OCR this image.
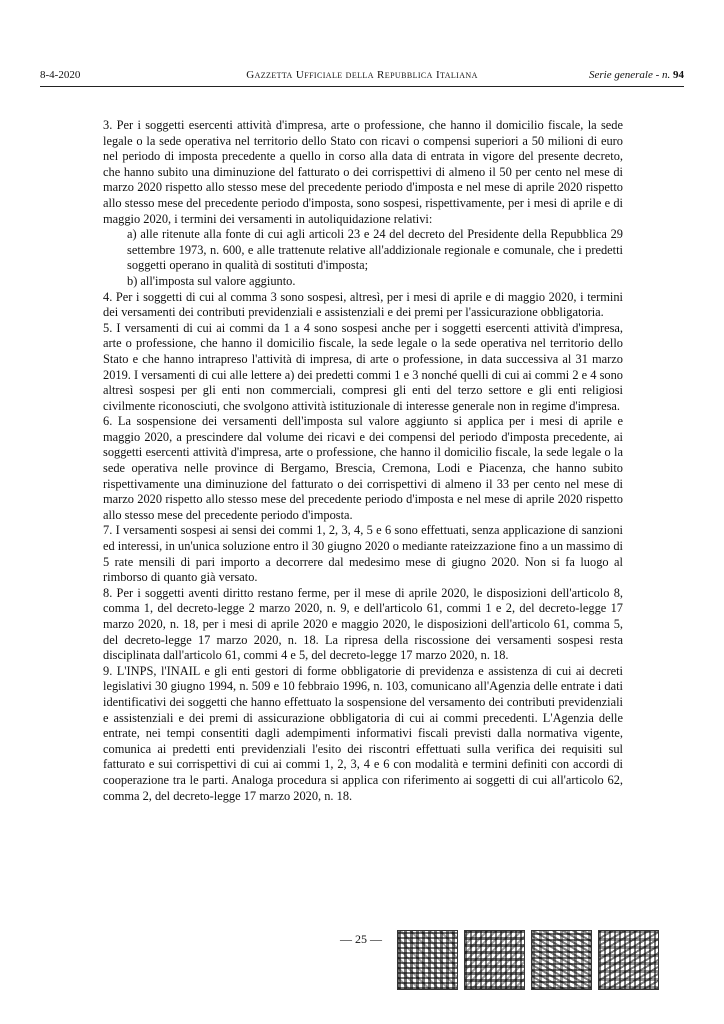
8-4-2020	Gazzetta Ufficiale della Repubblica Italiana	Serie generale - n. 94

3. Per i soggetti esercenti attività d'impresa, arte o professione, che hanno il domicilio fiscale, la sede legale o la sede operativa nel territorio dello Stato con ricavi o compensi superiori a 50 milioni di euro nel periodo di imposta precedente a quello in corso alla data di entrata in vigore del presente decreto, che hanno subito una diminuzione del fatturato o dei corrispettivi di almeno il 50 per cento nel mese di marzo 2020 rispetto allo stesso mese del precedente periodo d'imposta e nel mese di aprile 2020 rispetto allo stesso mese del precedente periodo d'imposta, sono sospesi, rispettivamente, per i mesi di aprile e di maggio 2020, i termini dei versamenti in autoliquidazione relativi:

a) alle ritenute alla fonte di cui agli articoli 23 e 24 del decreto del Presidente della Repubblica 29 settembre 1973, n. 600, e alle trattenute relative all'addizionale regionale e comunale, che i predetti soggetti operano in qualità di sostituti d'imposta;

b) all'imposta sul valore aggiunto.

4. Per i soggetti di cui al comma 3 sono sospesi, altresì, per i mesi di aprile e di maggio 2020, i termini dei versamenti dei contributi previdenziali e assistenziali e dei premi per l'assicurazione obbligatoria.

5. I versamenti di cui ai commi da 1 a 4 sono sospesi anche per i soggetti esercenti attività d'impresa, arte o professione, che hanno il domicilio fiscale, la sede legale o la sede operativa nel territorio dello Stato e che hanno intrapreso l'attività di impresa, di arte o professione, in data successiva al 31 marzo 2019. I versamenti di cui alle lettere a) dei predetti commi 1 e 3 nonché quelli di cui ai commi 2 e 4 sono altresì sospesi per gli enti non commerciali, compresi gli enti del terzo settore e gli enti religiosi civilmente riconosciuti, che svolgono attività istituzionale di interesse generale non in regime d'impresa.

6. La sospensione dei versamenti dell'imposta sul valore aggiunto si applica per i mesi di aprile e maggio 2020, a prescindere dal volume dei ricavi e dei compensi del periodo d'imposta precedente, ai soggetti esercenti attività d'impresa, arte o professione, che hanno il domicilio fiscale, la sede legale o la sede operativa nelle province di Bergamo, Brescia, Cremona, Lodi e Piacenza, che hanno subito rispettivamente una diminuzione del fatturato o dei corrispettivi di almeno il 33 per cento nel mese di marzo 2020 rispetto allo stesso mese del precedente periodo d'imposta e nel mese di aprile 2020 rispetto allo stesso mese del precedente periodo d'imposta.

7. I versamenti sospesi ai sensi dei commi 1, 2, 3, 4, 5 e 6 sono effettuati, senza applicazione di sanzioni ed interessi, in un'unica soluzione entro il 30 giugno 2020 o mediante rateizzazione fino a un massimo di 5 rate mensili di pari importo a decorrere dal medesimo mese di giugno 2020. Non si fa luogo al rimborso di quanto già versato.

8. Per i soggetti aventi diritto restano ferme, per il mese di aprile 2020, le disposizioni dell'articolo 8, comma 1, del decreto-legge 2 marzo 2020, n. 9, e dell'articolo 61, commi 1 e 2, del decreto-legge 17 marzo 2020, n. 18, per i mesi di aprile 2020 e maggio 2020, le disposizioni dell'articolo 61, comma 5, del decreto-legge 17 marzo 2020, n. 18. La ripresa della riscossione dei versamenti sospesi resta disciplinata dall'articolo 61, commi 4 e 5, del decreto-legge 17 marzo 2020, n. 18.

9. L'INPS, l'INAIL e gli enti gestori di forme obbligatorie di previdenza e assistenza di cui ai decreti legislativi 30 giugno 1994, n. 509 e 10 febbraio 1996, n. 103, comunicano all'Agenzia delle entrate i dati identificativi dei soggetti che hanno effettuato la sospensione del versamento dei contributi previdenziali e assistenziali e dei premi di assicurazione obbligatoria di cui ai commi precedenti. L'Agenzia delle entrate, nei tempi consentiti dagli adempimenti informativi fiscali previsti dalla normativa vigente, comunica ai predetti enti previdenziali l'esito dei riscontri effettuati sulla verifica dei requisiti sul fatturato e sui corrispettivi di cui ai commi 1, 2, 3, 4 e 6 con modalità e termini definiti con accordi di cooperazione tra le parti. Analoga procedura si applica con riferimento ai soggetti di cui all'articolo 62, comma 2, del decreto-legge 17 marzo 2020, n. 18.

— 25 —
